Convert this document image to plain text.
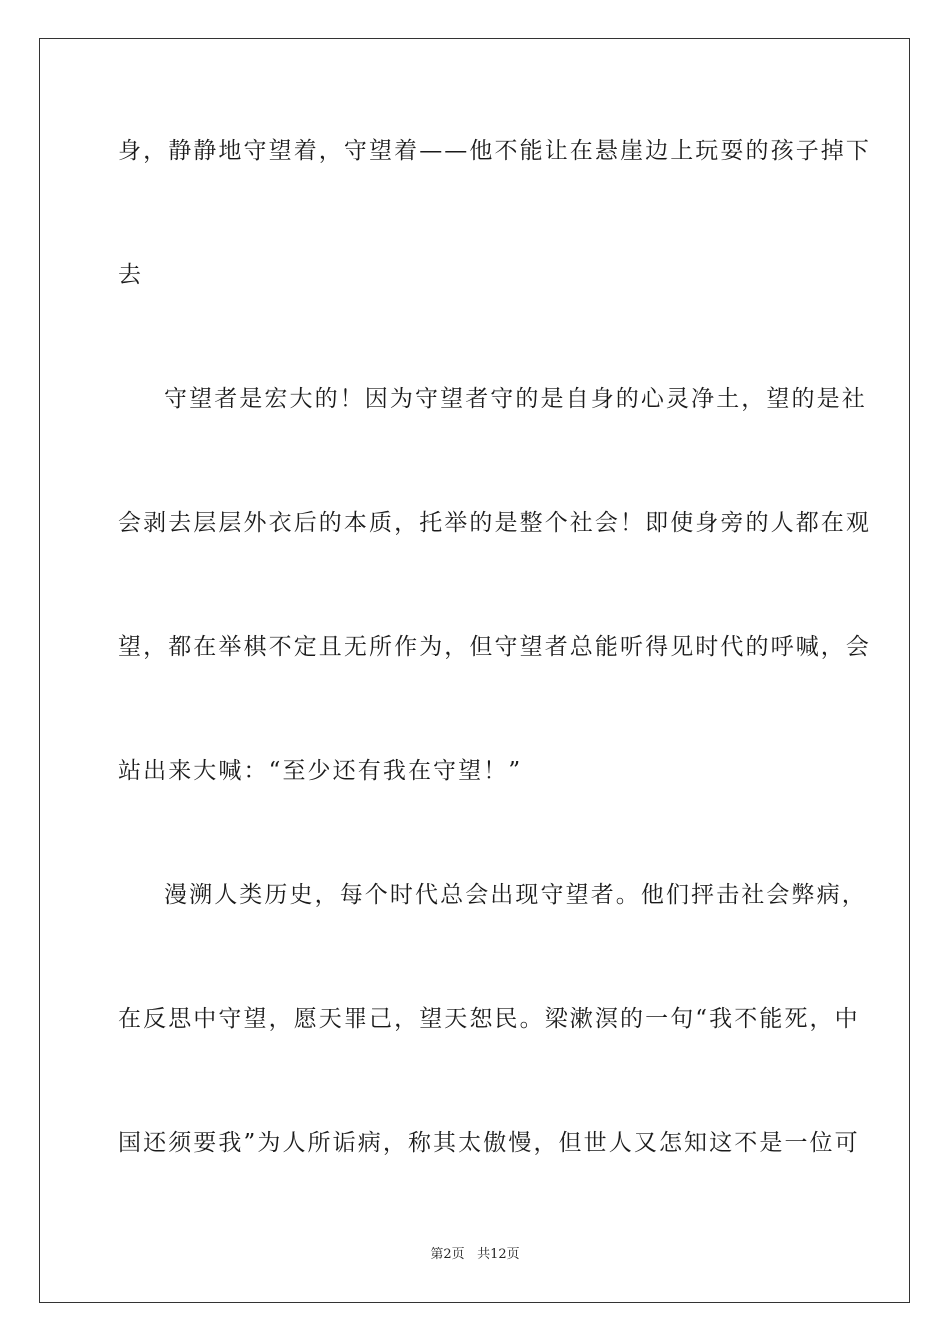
身，静静地守望着，守望着——他不能让在悬崖边上玩耍的孩子掉下
去
守望者是宏大的！因为守望者守的是自身的心灵净土，望的是社
会剥去层层外衣后的本质，托举的是整个社会！即使身旁的人都在观
望，都在举棋不定且无所作为，但守望者总能听得见时代的呼喊，会
站出来大喊：“至少还有我在守望！”
漫溯人类历史，每个时代总会出现守望者。他们抨击社会弊病，
在反思中守望，愿天罪己，望天恕民。梁漱溟的一句“我不能死，中
国还须要我”为人所诟病，称其太傲慢，但世人又怎知这不是一位可
第2页 共12页
